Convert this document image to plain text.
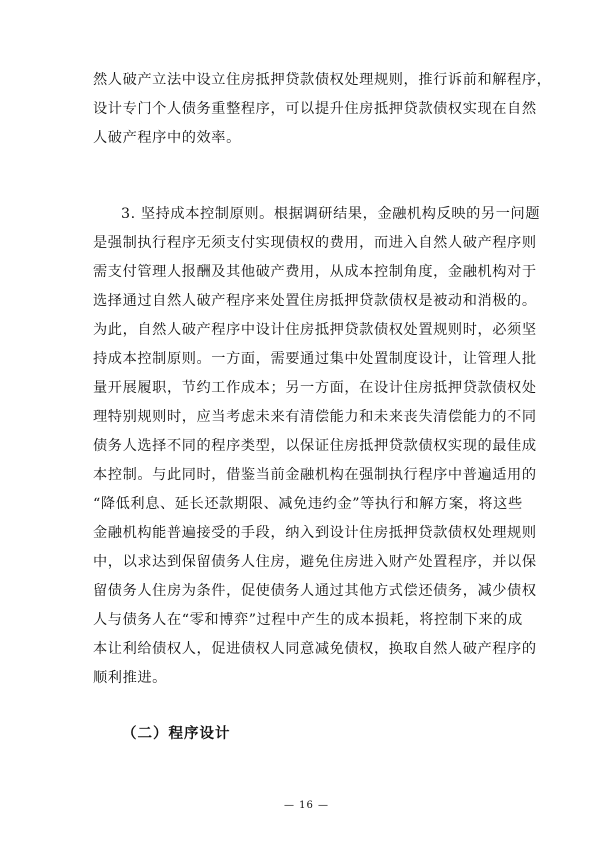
然人破产立法中设立住房抵押贷款债权处理规则，推行诉前和解程序，
设计专门个人债务重整程序，可以提升住房抵押贷款债权实现在自然
人破产程序中的效率。
3. 坚持成本控制原则。根据调研结果，金融机构反映的另一问题
是强制执行程序无须支付实现债权的费用，而进入自然人破产程序则
需支付管理人报酬及其他破产费用，从成本控制角度，金融机构对于
选择通过自然人破产程序来处置住房抵押贷款债权是被动和消极的。
为此，自然人破产程序中设计住房抵押贷款债权处置规则时，必须坚
持成本控制原则。一方面，需要通过集中处置制度设计，让管理人批
量开展履职，节约工作成本；另一方面，在设计住房抵押贷款债权处
理特别规则时，应当考虑未来有清偿能力和未来丧失清偿能力的不同
债务人选择不同的程序类型，以保证住房抵押贷款债权实现的最佳成
本控制。与此同时，借鉴当前金融机构在强制执行程序中普遍适用的
“降低利息、延长还款期限、减免违约金”等执行和解方案，将这些
金融机构能普遍接受的手段，纳入到设计住房抵押贷款债权处理规则
中，以求达到保留债务人住房，避免住房进入财产处置程序，并以保
留债务人住房为条件，促使债务人通过其他方式偿还债务，减少债权
人与债务人在“零和博弈”过程中产生的成本损耗，将控制下来的成
本让利给债权人，促进债权人同意减免债权，换取自然人破产程序的
顺利推进。
（二）程序设计
— 16 —
